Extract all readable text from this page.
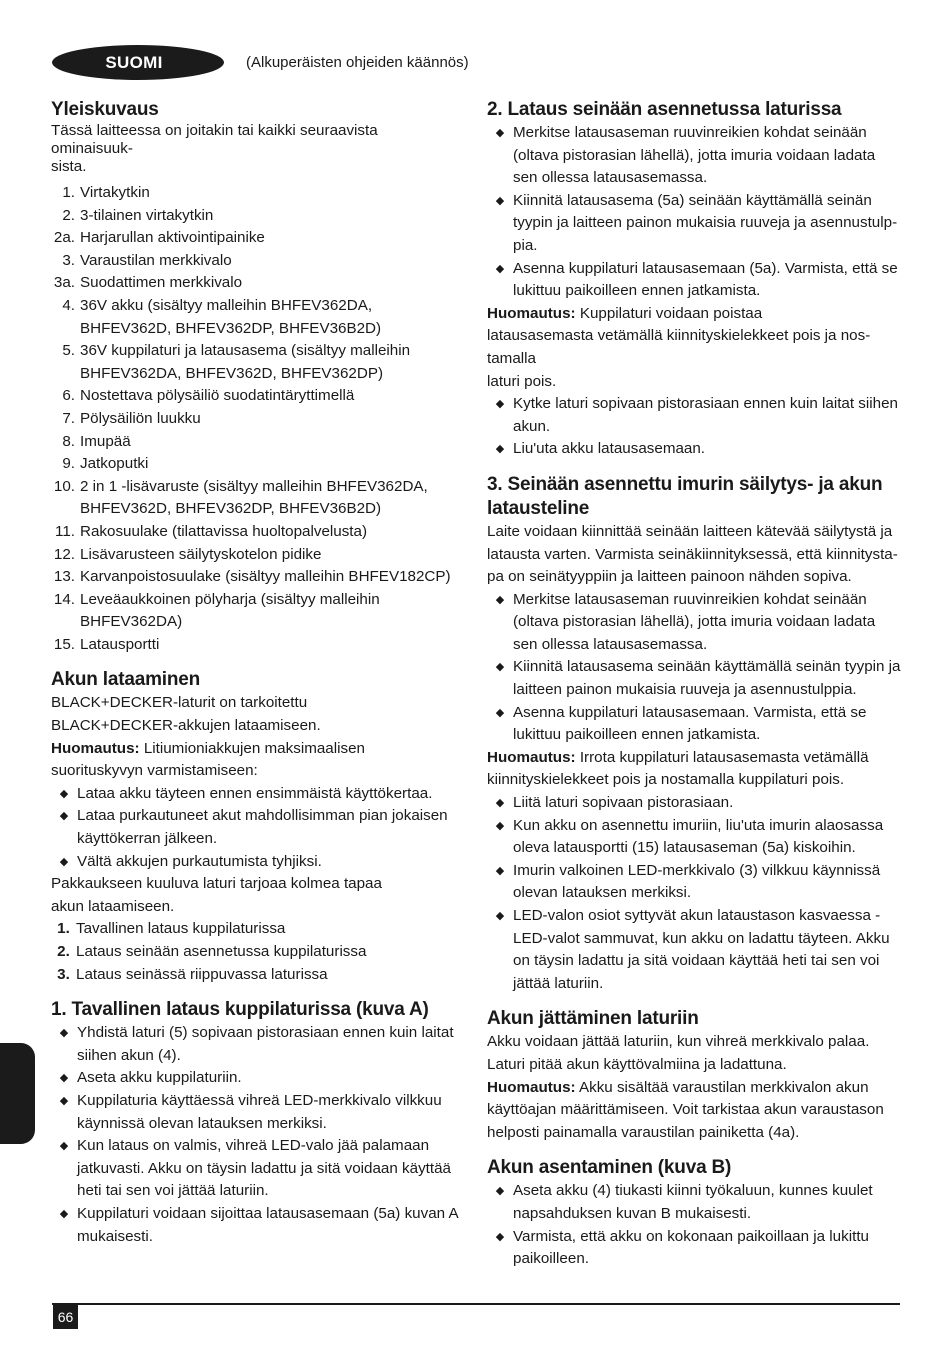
SUOMI	(Alkuperäisten ohjeiden käännös)
Yleiskuvaus

Tässä laitteessa on joitakin tai kaikki seuraavista ominaisuuk-

sista.

1. Virtakytkin
2. 3-tilainen virtakytkin
2a. Harjarullan aktivointipainike
3. Varaustilan merkkivalo
3a. Suodattimen merkkivalo
4. 36V akku (sisältyy malleihin BHFEV362DA, BHFEV362D, BHFEV362DP, BHFEV36B2D)
5. 36V kuppilaturi ja latausasema (sisältyy malleihin BHFEV362DA, BHFEV362D, BHFEV362DP)
6. Nostettava pölysäiliö suodatintäryttimellä
7. Pölysäiliön luukku
8. Imupää
9. Jatkoputki
10. 2 in 1 -lisävaruste (sisältyy malleihin BHFEV362DA, BHFEV362D, BHFEV362DP, BHFEV36B2D)
11. Rakosuulake (tilattavissa huoltopalvelusta)
12. Lisävarusteen säilytyskotelon pidike
13. Karvanpoistosuulake (sisältyy malleihin BHFEV182CP)
14. Leveäaukkoinen pölyharja (sisältyy malleihin BHFEV362DA)
15. Latausportti
Akun lataaminen

BLACK+DECKER-laturit on tarkoitettu

BLACK+DECKER-akkujen lataamiseen.

Huomautus: Litiumioniakkujen maksimaalisen suorituskyvyn varmistamiseen:

◆ Lataa akku täyteen ennen ensimmäistä käyttökertaa.
◆ Lataa purkautuneet akut mahdollisimman pian jokaisen käyttökerran jälkeen.
◆ Vältä akkujen purkautumista tyhjiksi.

Pakkaukseen kuuluva laturi tarjoaa kolmea tapaa

akun lataamiseen.

1. Tavallinen lataus kuppilaturissa
2. Lataus seinään asennetussa kuppilaturissa
3. Lataus seinässä riippuvassa laturissa
1. Tavallinen lataus kuppilaturissa (kuva A)
◆ Yhdistä laturi (5) sopivaan pistorasiaan ennen kuin laitat siihen akun (4).
◆ Aseta akku kuppilaturiin.
◆ Kuppilaturia käyttäessä vihreä LED-merkkivalo vilkkuu käynnissä olevan latauksen merkiksi.
◆ Kun lataus on valmis, vihreä LED-valo jää palamaan jatkuvasti. Akku on täysin ladattu ja sitä voidaan käyttää heti tai sen voi jättää laturiin.
◆ Kuppilaturi voidaan sijoittaa latausasemaan (5a) kuvan A mukaisesti.
2. Lataus seinään asennetussa laturissa
◆ Merkitse latausaseman ruuvinreikien kohdat seinään (oltava pistorasian lähellä), jotta imuria voidaan ladata sen ollessa latausasemassa.
◆ Kiinnitä latausasema (5a) seinään käyttämällä seinän tyypin ja laitteen painon mukaisia ruuveja ja asennustulp-pia.
◆ Asenna kuppilaturi latausasemaan (5a). Varmista, että se lukittuu paikoilleen ennen jatkamista.

Huomautus: Kuppilaturi voidaan poistaa

latausasemasta vetämällä kiinnityskielekkeet pois ja nos-

tamalla

laturi pois.

◆ Kytke laturi sopivaan pistorasiaan ennen kuin laitat siihen akun.
◆ Liu'uta akku latausasemaan.
3. Seinään asennettu imurin säilytys- ja akun latausteline

Laite voidaan kiinnittää seinään laitteen kätevää säilytystä ja latausta varten. Varmista seinäkiinnityksessä, että kiinnitysta-pa on seinätyyppiin ja laitteen painoon nähden sopiva.

◆ Merkitse latausaseman ruuvinreikien kohdat seinään (oltava pistorasian lähellä), jotta imuria voidaan ladata sen ollessa latausasemassa.
◆ Kiinnitä latausasema seinään käyttämällä seinän tyypin ja laitteen painon mukaisia ruuveja ja asennustulppia.
◆ Asenna kuppilaturi latausasemaan. Varmista, että se lukittuu paikoilleen ennen jatkamista.

Huomautus: Irrota kuppilaturi latausasemasta vetämällä kiinnityskielekkeet pois ja nostamalla kuppilaturi pois.

◆ Liitä laturi sopivaan pistorasiaan.
◆ Kun akku on asennettu imuriin, liu'uta imurin alaosassa oleva latausportti (15) latausaseman (5a) kiskoihin.
◆ Imurin valkoinen LED-merkkivalo (3) vilkkuu käynnissä olevan latauksen merkiksi.
◆ LED-valon osiot syttyvät akun lataustason kasvaessa - LED-valot sammuvat, kun akku on ladattu täyteen. Akku on täysin ladattu ja sitä voidaan käyttää heti tai sen voi jättää laturiin.
Akun jättäminen laturiin

Akku voidaan jättää laturiin, kun vihreä merkkivalo palaa. Laturi pitää akun käyttövalmiina ja ladattuna.

Huomautus: Akku sisältää varaustilan merkkivalon akun käyttöajan määrittämiseen. Voit tarkistaa akun varaustason helposti painamalla varaustilan painiketta (4a).

Akun asentaminen (kuva B)
◆ Aseta akku (4) tiukasti kiinni työkaluun, kunnes kuulet napsahduksen kuvan B mukaisesti.
◆ Varmista, että akku on kokonaan paikoillaan ja lukittu paikoilleen.
66
